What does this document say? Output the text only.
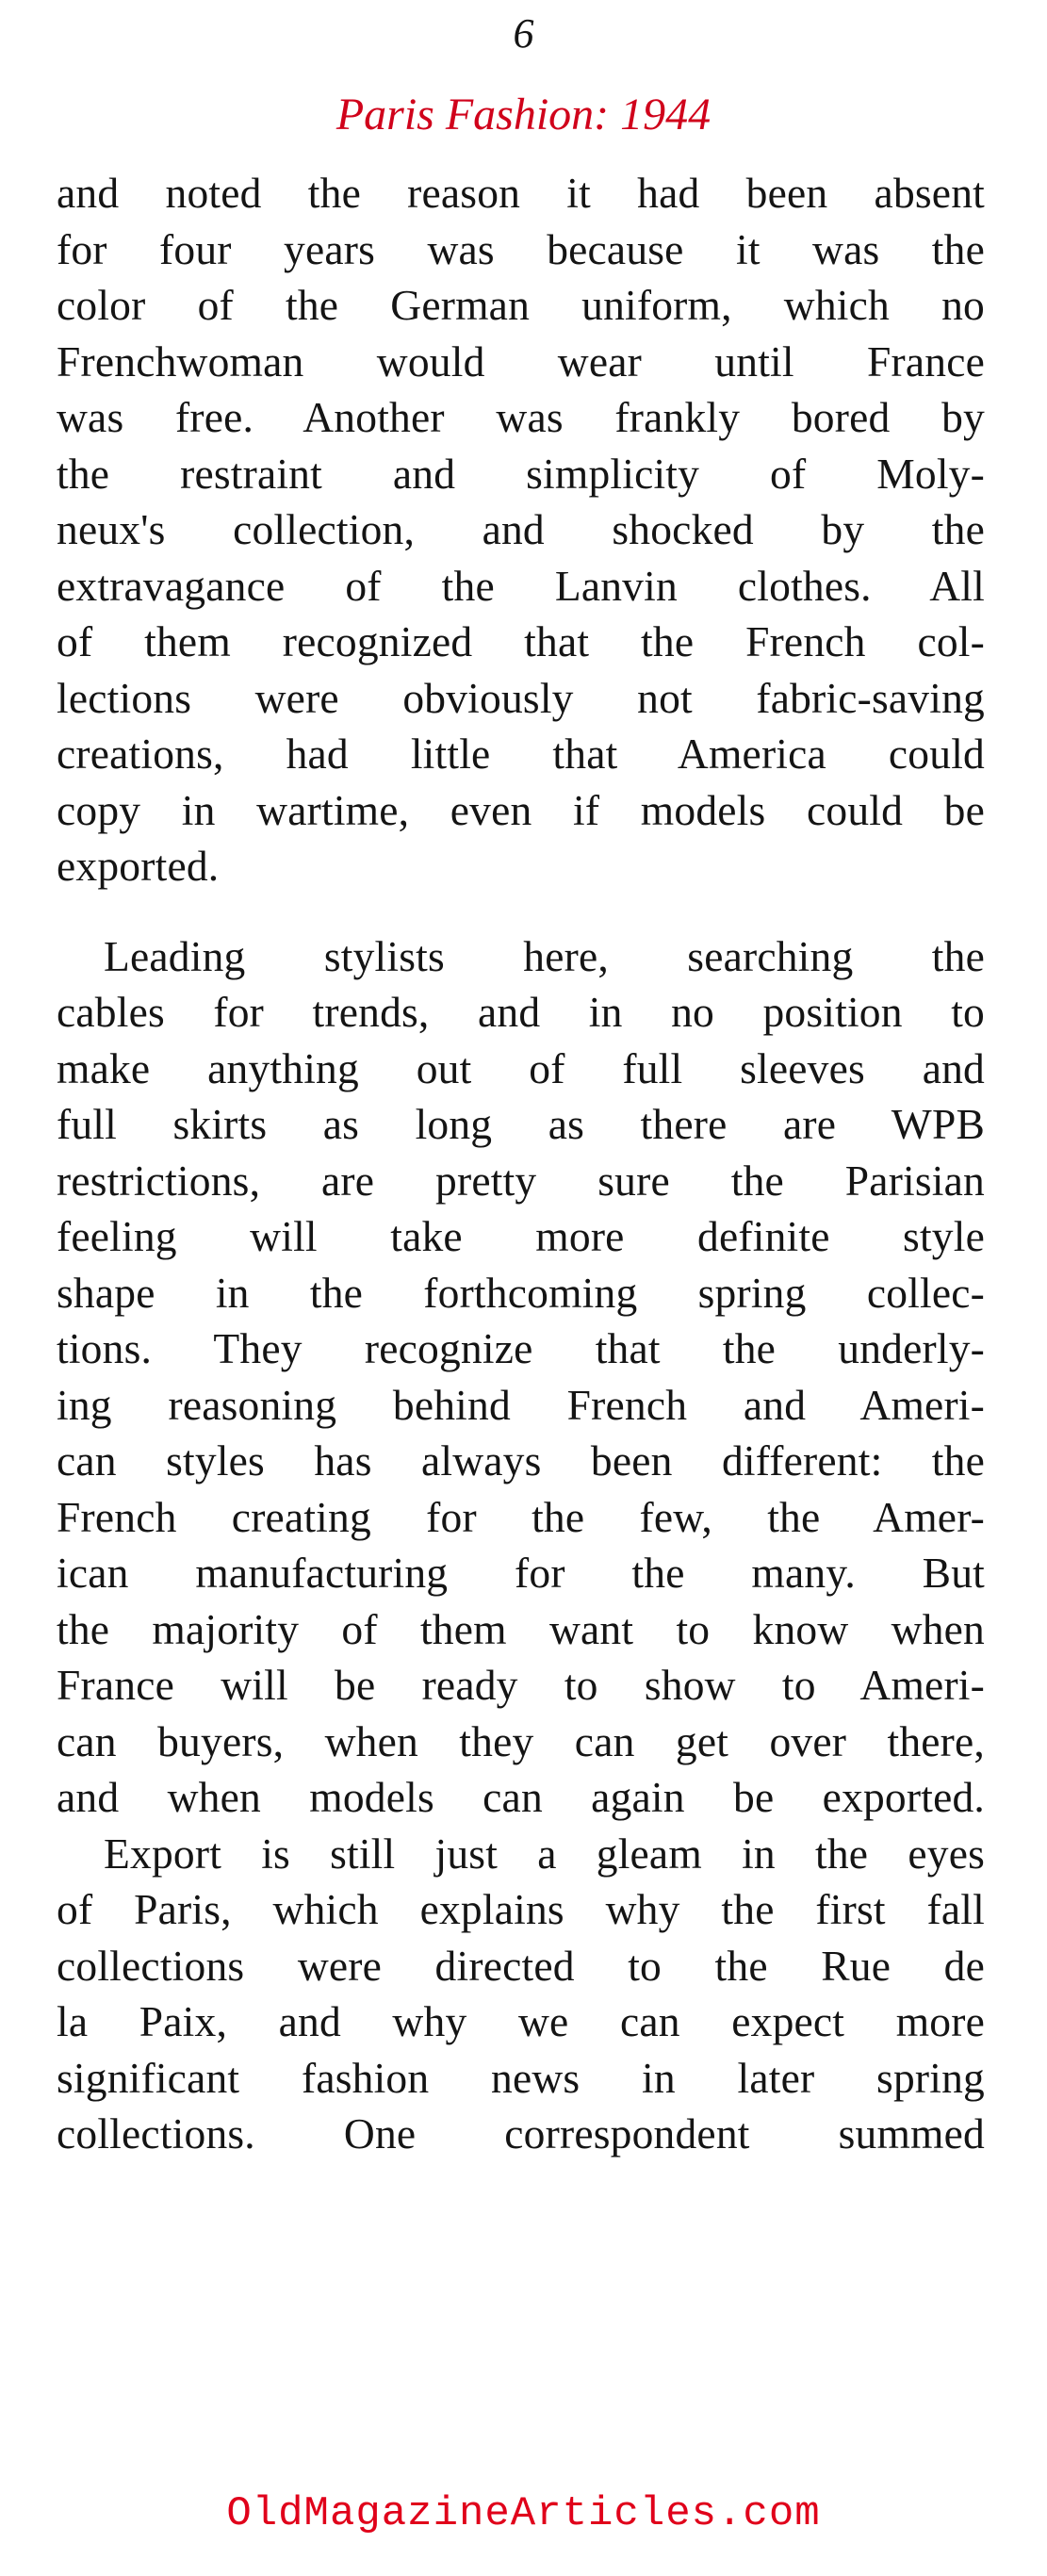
6
Paris Fashion: 1944

and noted the reason it had been absent
for four years was because it was the
color of the German uniform, which no
Frenchwoman would wear until France
was free. Another was frankly bored by
the restraint and simplicity of Moly-
neux's collection, and shocked by the
extravagance of the Lanvin clothes. All
of them recognized that the French col-
lections were obviously not fabric-saving
creations, had little that America could
copy in wartime, even if models could be
exported.

Leading stylists here, searching the
cables for trends, and in no position to
make anything out of full sleeves and
full skirts as long as there are WPB
restrictions, are pretty sure the Parisian
feeling will take more definite style
shape in the forthcoming spring collec-
tions. They recognize that the underly-
ing reasoning behind French and Ameri-
can styles has always been different: the
French creating for the few, the Amer-
ican manufacturing for the many. But
the majority of them want to know when
France will be ready to show to Ameri-
can buyers, when they can get over there,
and when models can again be exported.

Export is still just a gleam in the eyes
of Paris, which explains why the first fall
collections were directed to the Rue de
la Paix, and why we can expect more
significant fashion news in later spring
collections. One correspondent summed

OldMagazineArticles.com
